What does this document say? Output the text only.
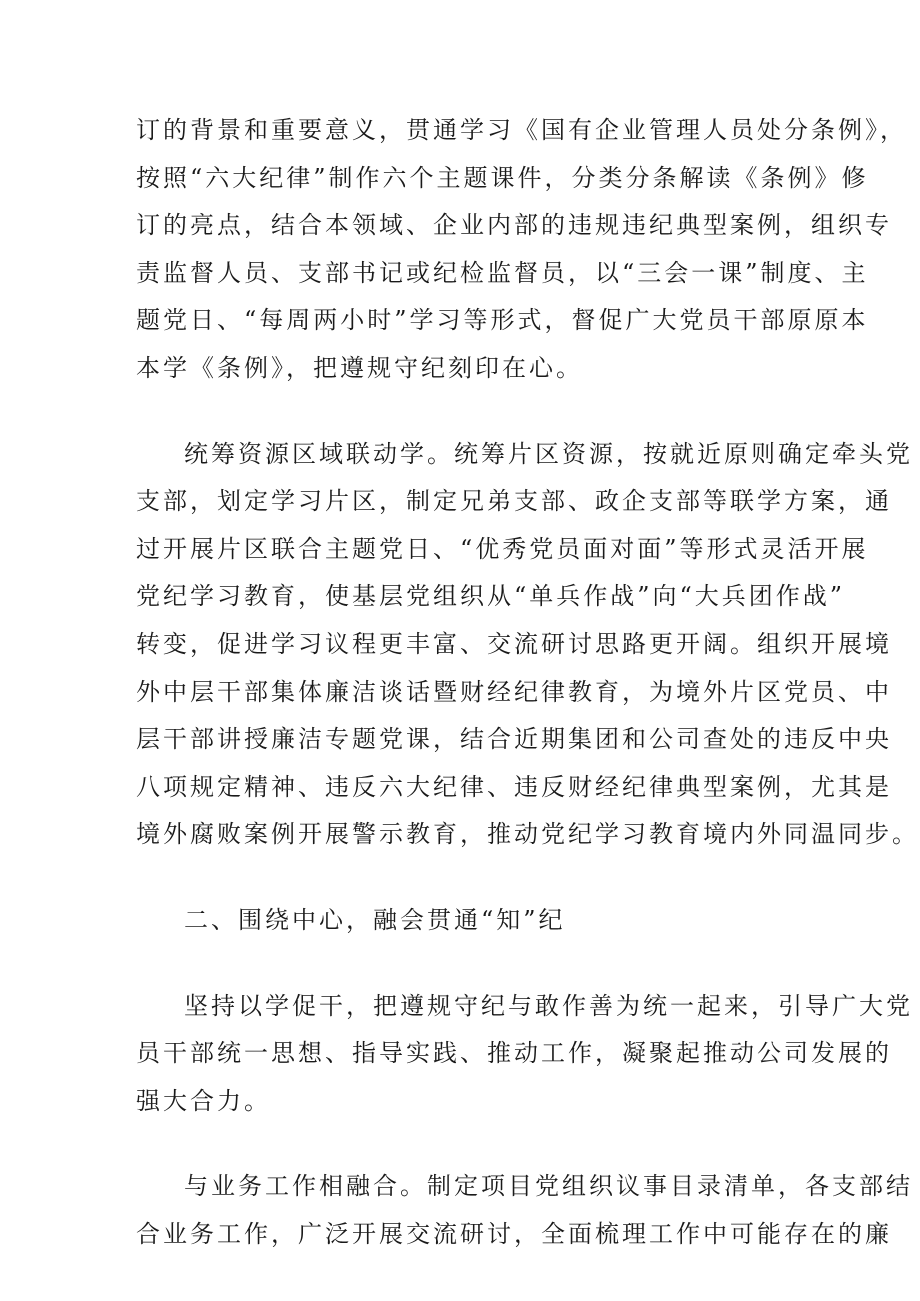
订的背景和重要意义，贯通学习《国有企业管理人员处分条例》，
按照“六大纪律”制作六个主题课件，分类分条解读《条例》修
订的亮点，结合本领域、企业内部的违规违纪典型案例，组织专
责监督人员、支部书记或纪检监督员，以“三会一课”制度、主
题党日、“每周两小时”学习等形式，督促广大党员干部原原本
本学《条例》，把遵规守纪刻印在心。
统筹资源区域联动学。统筹片区资源，按就近原则确定牵头党
支部，划定学习片区，制定兄弟支部、政企支部等联学方案，通
过开展片区联合主题党日、“优秀党员面对面”等形式灵活开展
党纪学习教育，使基层党组织从“单兵作战”向“大兵团作战”
转变，促进学习议程更丰富、交流研讨思路更开阔。组织开展境
外中层干部集体廉洁谈话暨财经纪律教育，为境外片区党员、中
层干部讲授廉洁专题党课，结合近期集团和公司查处的违反中央
八项规定精神、违反六大纪律、违反财经纪律典型案例，尤其是
境外腐败案例开展警示教育，推动党纪学习教育境内外同温同步。
二、围绕中心，融会贯通“知”纪
坚持以学促干，把遵规守纪与敢作善为统一起来，引导广大党
员干部统一思想、指导实践、推动工作，凝聚起推动公司发展的
强大合力。
与业务工作相融合。制定项目党组织议事目录清单，各支部结
合业务工作，广泛开展交流研讨，全面梳理工作中可能存在的廉
